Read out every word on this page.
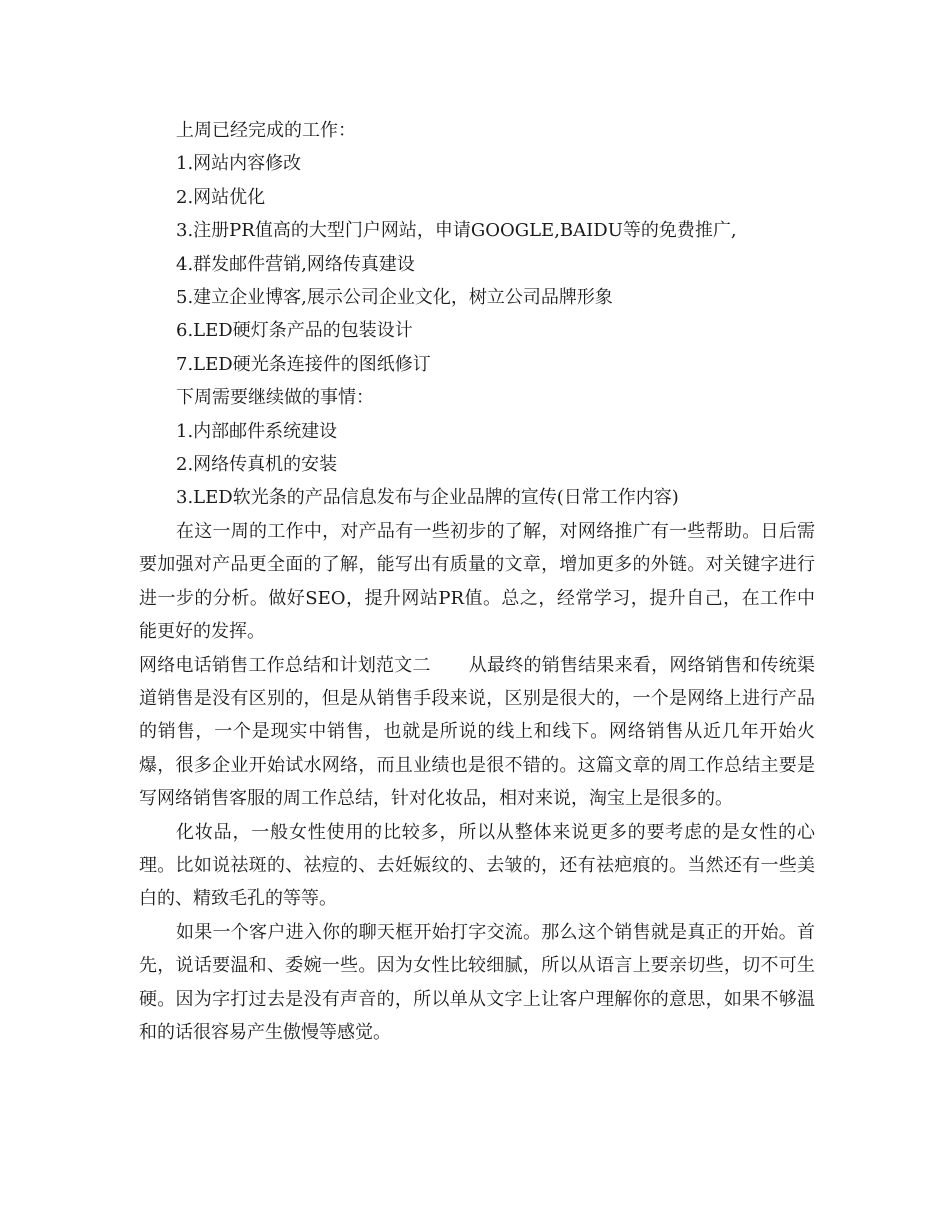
上周已经完成的工作：

1.网站内容修改

2.网站优化

3.注册PR值高的大型门户网站，申请GOOGLE,BAIDU等的免费推广,

4.群发邮件营销,网络传真建设

5.建立企业博客,展示公司企业文化，树立公司品牌形象

6.LED硬灯条产品的包装设计

7.LED硬光条连接件的图纸修订

下周需要继续做的事情：

1.内部邮件系统建设

2.网络传真机的安装

3.LED软光条的产品信息发布与企业品牌的宣传(日常工作内容)

在这一周的工作中，对产品有一些初步的了解，对网络推广有一些帮助。日后需要加强对产品更全面的了解，能写出有质量的文章，增加更多的外链。对关键字进行进一步的分析。做好SEO，提升网站PR值。总之，经常学习，提升自己，在工作中能更好的发挥。

网络电话销售工作总结和计划范文二 从最终的销售结果来看，网络销售和传统渠道销售是没有区别的，但是从销售手段来说，区别是很大的，一个是网络上进行产品的销售，一个是现实中销售，也就是所说的线上和线下。网络销售从近几年开始火爆，很多企业开始试水网络，而且业绩也是很不错的。这篇文章的周工作总结主要是写网络销售客服的周工作总结，针对化妆品，相对来说，淘宝上是很多的。

化妆品，一般女性使用的比较多，所以从整体来说更多的要考虑的是女性的心理。比如说祛斑的、祛痘的、去妊娠纹的、去皱的，还有祛疤痕的。当然还有一些美白的、精致毛孔的等等。

如果一个客户进入你的聊天框开始打字交流。那么这个销售就是真正的开始。首先，说话要温和、委婉一些。因为女性比较细腻，所以从语言上要亲切些，切不可生硬。因为字打过去是没有声音的，所以单从文字上让客户理解你的意思，如果不够温和的话很容易产生傲慢等感觉。
